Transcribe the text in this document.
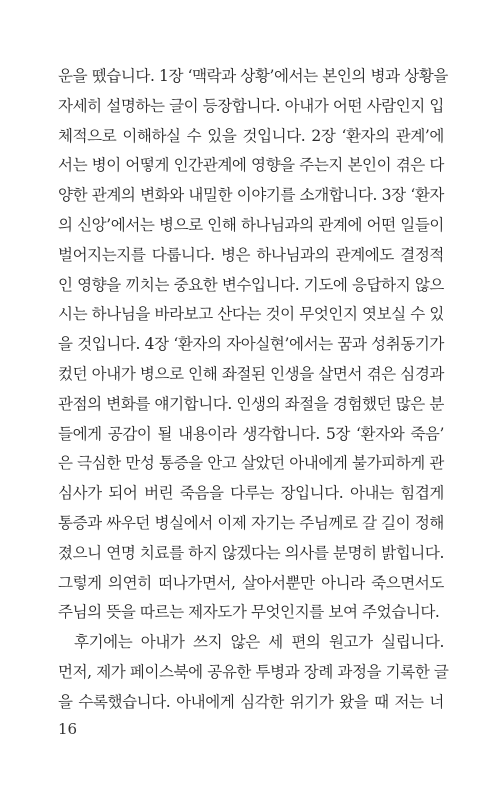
운을 뗐습니다. 1장 ‘맥락과 상황’에서는 본인의 병과 상황을
자세히 설명하는 글이 등장합니다. 아내가 어떤 사람인지 입
체적으로 이해하실 수 있을 것입니다. 2장 ‘환자의 관계’에
서는 병이 어떻게 인간관계에 영향을 주는지 본인이 겪은 다
양한 관계의 변화와 내밀한 이야기를 소개합니다. 3장 ‘환자
의 신앙’에서는 병으로 인해 하나님과의 관계에 어떤 일들이
벌어지는지를 다룹니다. 병은 하나님과의 관계에도 결정적
인 영향을 끼치는 중요한 변수입니다. 기도에 응답하지 않으
시는 하나님을 바라보고 산다는 것이 무엇인지 엿보실 수 있
을 것입니다. 4장 ‘환자의 자아실현’에서는 꿈과 성취동기가
컸던 아내가 병으로 인해 좌절된 인생을 살면서 겪은 심경과
관점의 변화를 얘기합니다. 인생의 좌절을 경험했던 많은 분
들에게 공감이 될 내용이라 생각합니다. 5장 ‘환자와 죽음’
은 극심한 만성 통증을 안고 살았던 아내에게 불가피하게 관
심사가 되어 버린 죽음을 다루는 장입니다. 아내는 힘겹게
통증과 싸우던 병실에서 이제 자기는 주님께로 갈 길이 정해
졌으니 연명 치료를 하지 않겠다는 의사를 분명히 밝힙니다.
그렇게 의연히 떠나가면서, 살아서뿐만 아니라 죽으면서도
주님의 뜻을 따르는 제자도가 무엇인지를 보여 주었습니다.
후기에는 아내가 쓰지 않은 세 편의 원고가 실립니다.
먼저, 제가 페이스북에 공유한 투병과 장례 과정을 기록한 글
을 수록했습니다. 아내에게 심각한 위기가 왔을 때 저는 너
16
